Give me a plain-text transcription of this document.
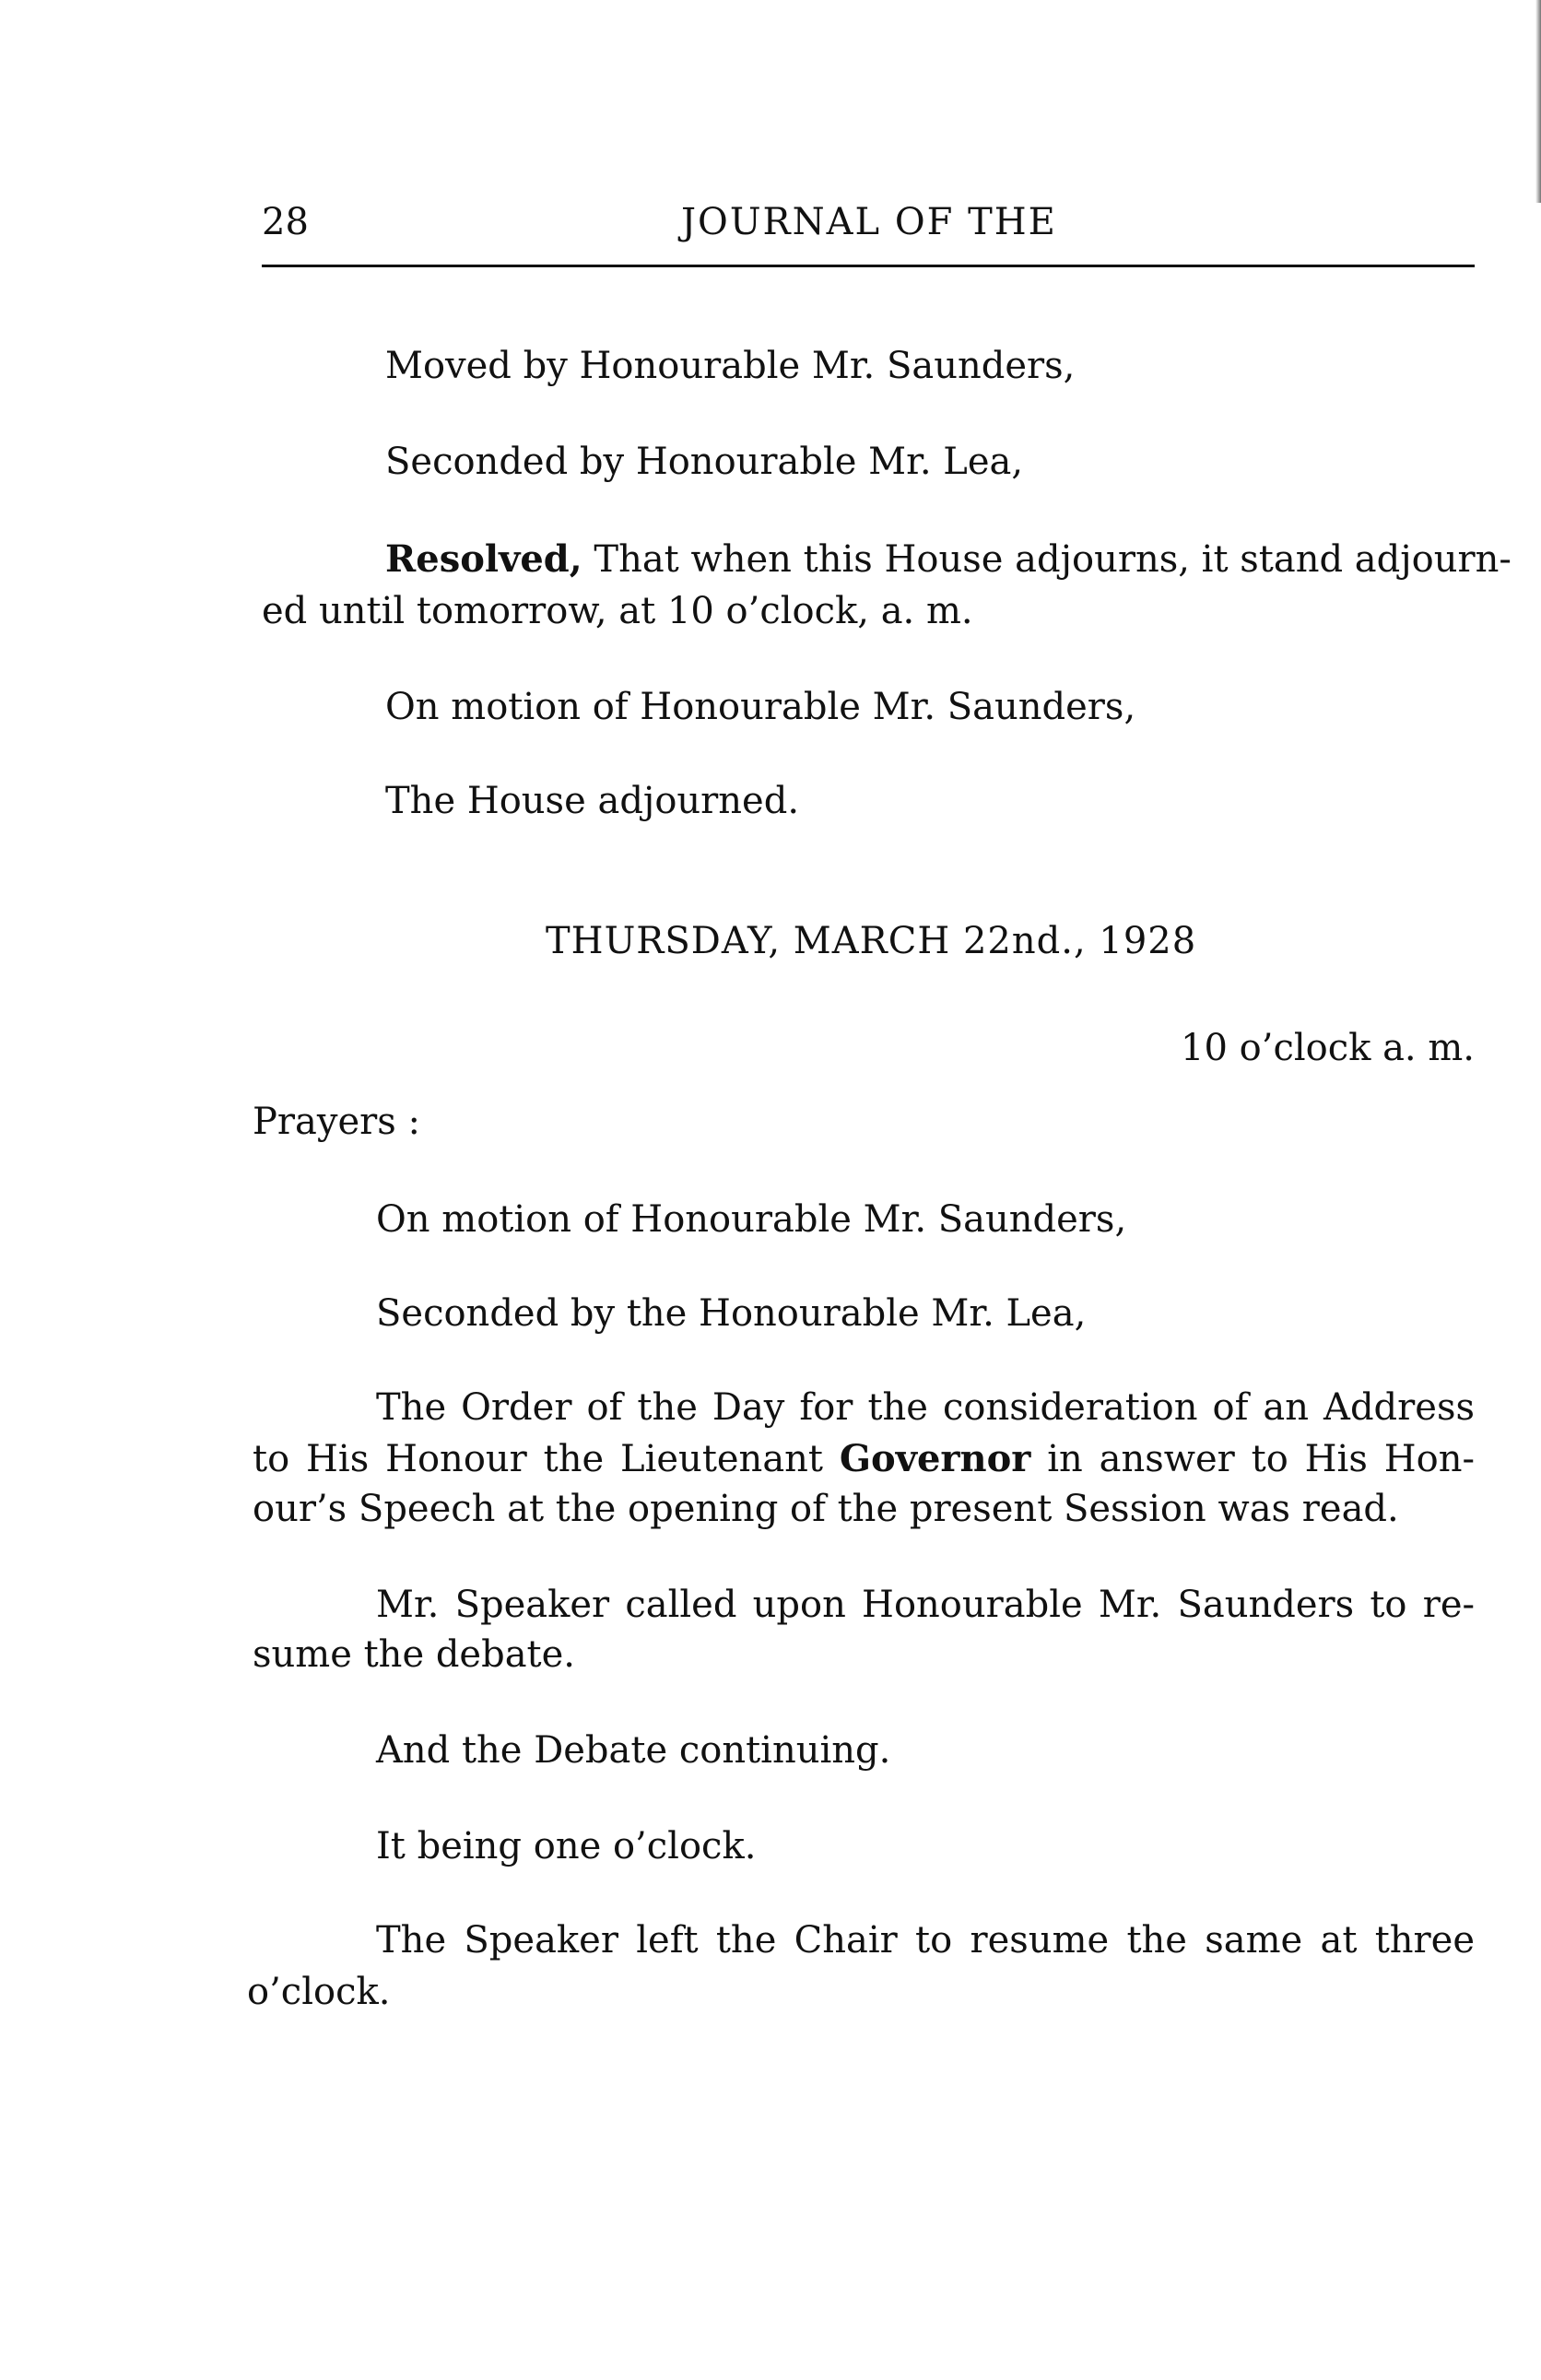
28	JOURNAL OF THE
Moved by Honourable Mr. Saunders,
Seconded by Honourable Mr. Lea,
Resolved, That when this House adjourns, it stand adjourn-
ed until tomorrow, at 10 o’clock, a. m.
On motion of Honourable Mr. Saunders,
The House adjourned.
THURSDAY, MARCH 22nd., 1928
10 o’clock a. m.
Prayers :
On motion of Honourable Mr. Saunders,
Seconded by the Honourable Mr. Lea,
The Order of the Day for the consideration of an Address
to His Honour the Lieutenant Governor in answer to His Hon-
our’s Speech at the opening of the present Session was read.
Mr. Speaker called upon Honourable Mr. Saunders to re-
sume the debate.
And the Debate continuing.
It being one o’clock.
The Speaker left the Chair to resume the same at three
o’clock.
